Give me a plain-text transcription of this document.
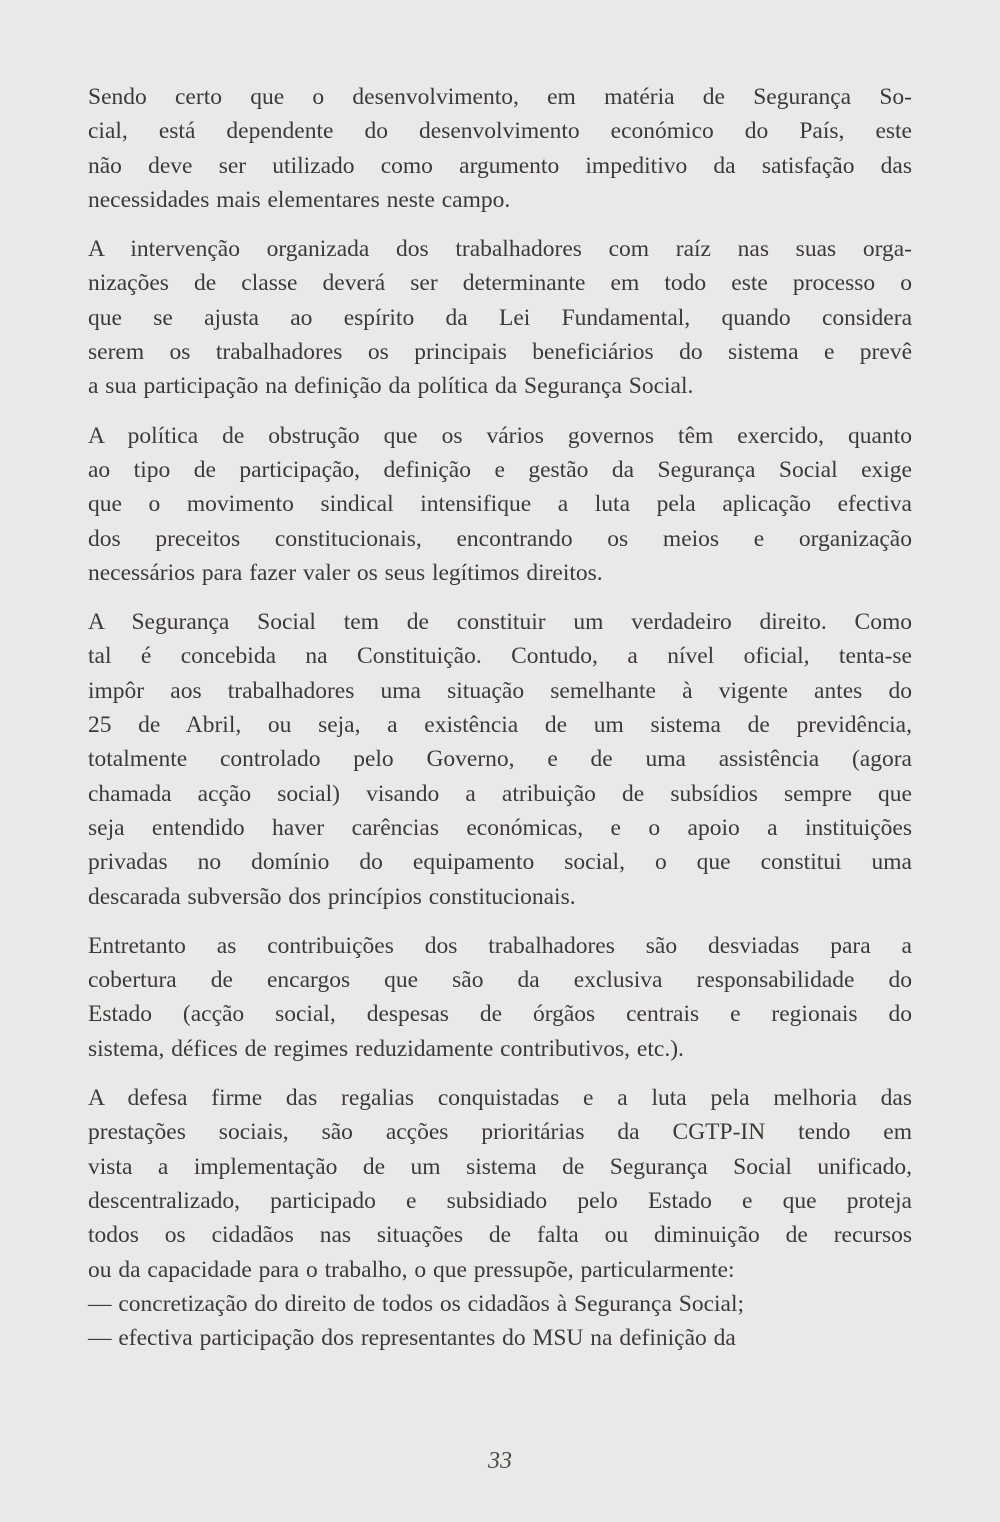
Sendo certo que o desenvolvimento, em matéria de Segurança So-
cial, está dependente do desenvolvimento económico do País, este
não deve ser utilizado como argumento impeditivo da satisfação das
necessidades mais elementares neste campo.
A intervenção organizada dos trabalhadores com raíz nas suas orga-
nizações de classe deverá ser determinante em todo este processo o
que se ajusta ao espírito da Lei Fundamental, quando considera
serem os trabalhadores os principais beneficiários do sistema e prevê
a sua participação na definição da política da Segurança Social.
A política de obstrução que os vários governos têm exercido, quanto
ao tipo de participação, definição e gestão da Segurança Social exige
que o movimento sindical intensifique a luta pela aplicação efectiva
dos preceitos constitucionais, encontrando os meios e organização
necessários para fazer valer os seus legítimos direitos.
A Segurança Social tem de constituir um verdadeiro direito. Como
tal é concebida na Constituição. Contudo, a nível oficial, tenta-se
impôr aos trabalhadores uma situação semelhante à vigente antes do
25 de Abril, ou seja, a existência de um sistema de previdência,
totalmente controlado pelo Governo, e de uma assistência (agora
chamada acção social) visando a atribuição de subsídios sempre que
seja entendido haver carências económicas, e o apoio a instituições
privadas no domínio do equipamento social, o que constitui uma
descarada subversão dos princípios constitucionais.
Entretanto as contribuições dos trabalhadores são desviadas para a
cobertura de encargos que são da exclusiva responsabilidade do
Estado (acção social, despesas de órgãos centrais e regionais do
sistema, défices de regimes reduzidamente contributivos, etc.).
A defesa firme das regalias conquistadas e a luta pela melhoria das
prestações sociais, são acções prioritárias da CGTP-IN tendo em
vista a implementação de um sistema de Segurança Social unificado,
descentralizado, participado e subsidiado pelo Estado e que proteja
todos os cidadãos nas situações de falta ou diminuição de recursos
ou da capacidade para o trabalho, o que pressupõe, particularmente:
— concretização do direito de todos os cidadãos à Segurança Social;
— efectiva participação dos representantes do MSU na definição da
33
